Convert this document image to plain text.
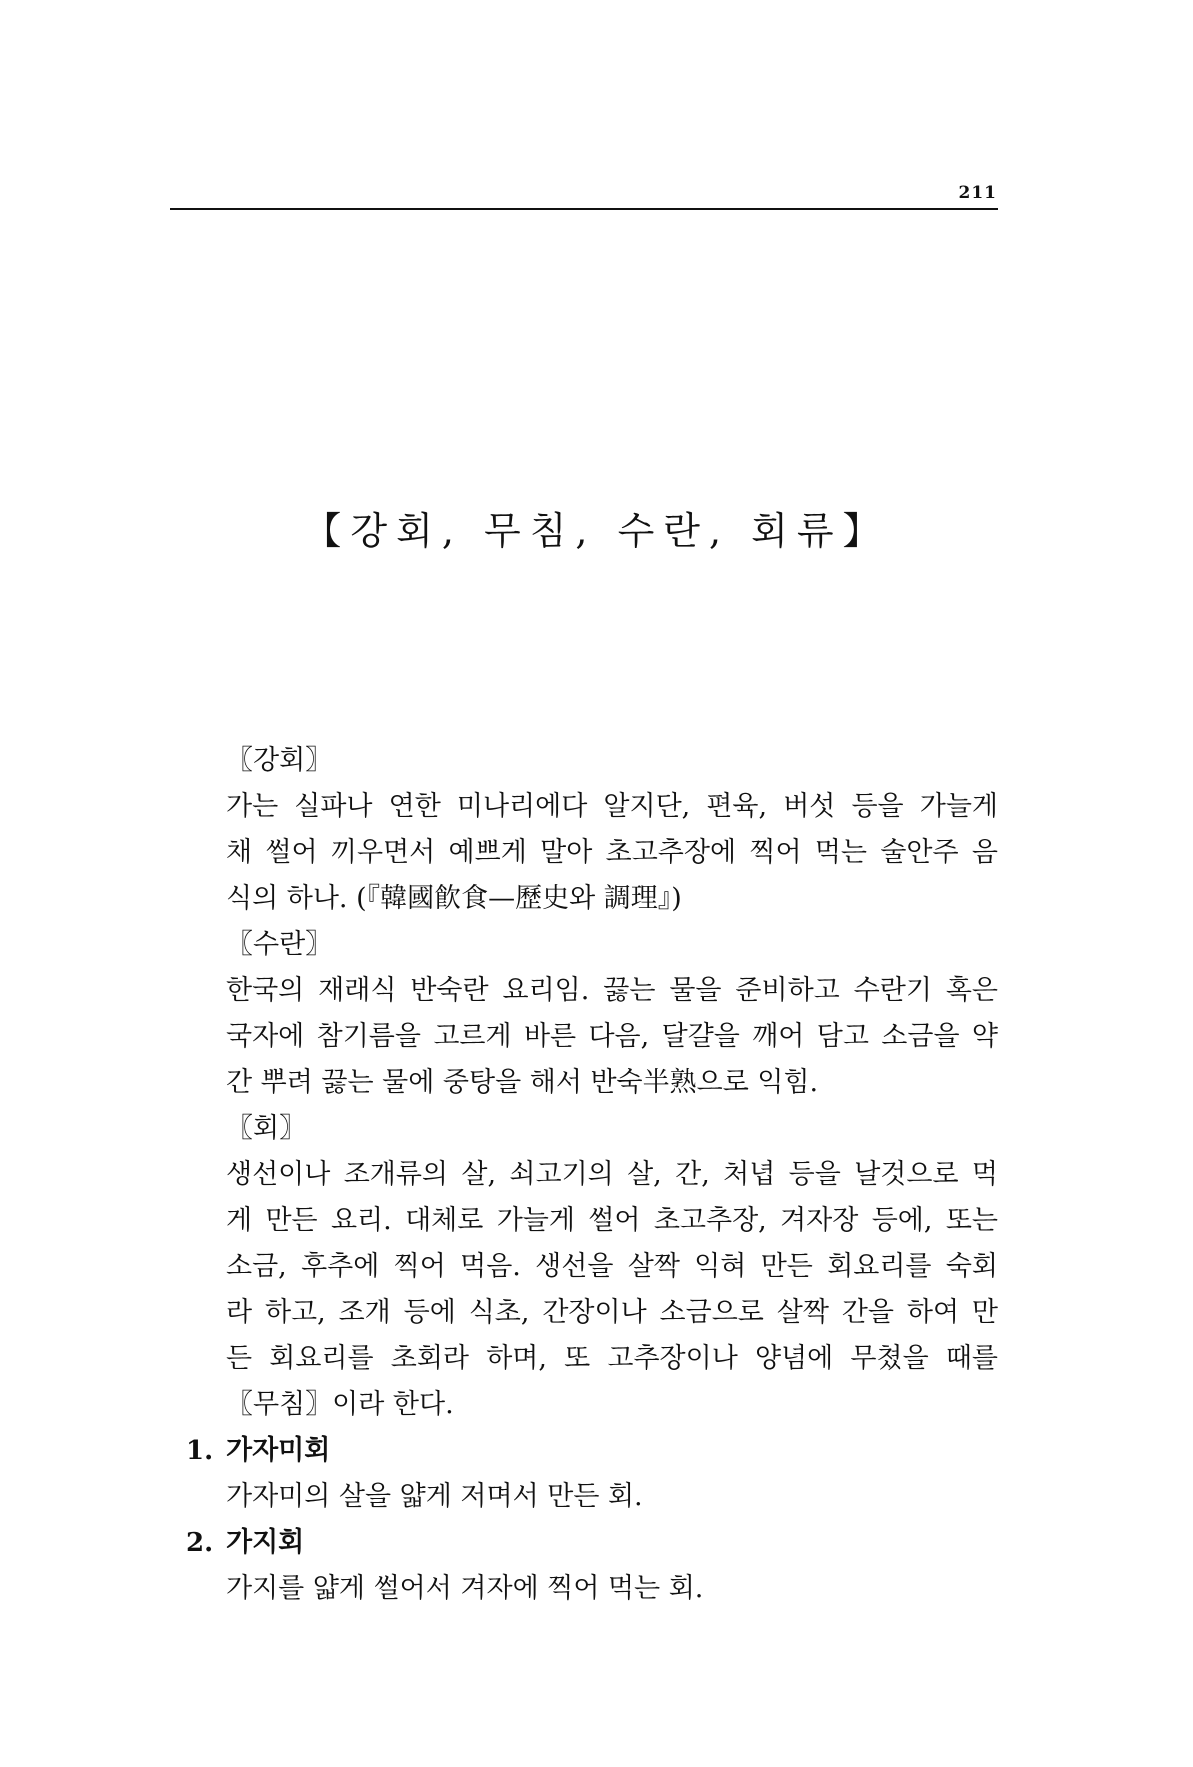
211
【강회, 무침, 수란, 회류】
〖강회〗
가는 실파나 연한 미나리에다 알지단, 편육, 버섯 등을 가늘게
채 썰어 끼우면서 예쁘게 말아 초고추장에 찍어 먹는 술안주 음
식의 하나. (『韓國飮食—歷史와 調理』)
〖수란〗
한국의 재래식 반숙란 요리임. 끓는 물을 준비하고 수란기 혹은
국자에 참기름을 고르게 바른 다음, 달걀을 깨어 담고 소금을 약
간 뿌려 끓는 물에 중탕을 해서 반숙半熟으로 익힘.
〖회〗
생선이나 조개류의 살, 쇠고기의 살, 간, 처녑 등을 날것으로 먹
게 만든 요리. 대체로 가늘게 썰어 초고추장, 겨자장 등에, 또는
소금, 후추에 찍어 먹음. 생선을 살짝 익혀 만든 회요리를 숙회
라 하고, 조개 등에 식초, 간장이나 소금으로 살짝 간을 하여 만
든 회요리를 초회라 하며, 또 고추장이나 양념에 무쳤을 때를
〖무침〗이라 한다.
1. 가자미회
가자미의 살을 얇게 저며서 만든 회.
2. 가지회
가지를 얇게 썰어서 겨자에 찍어 먹는 회.
